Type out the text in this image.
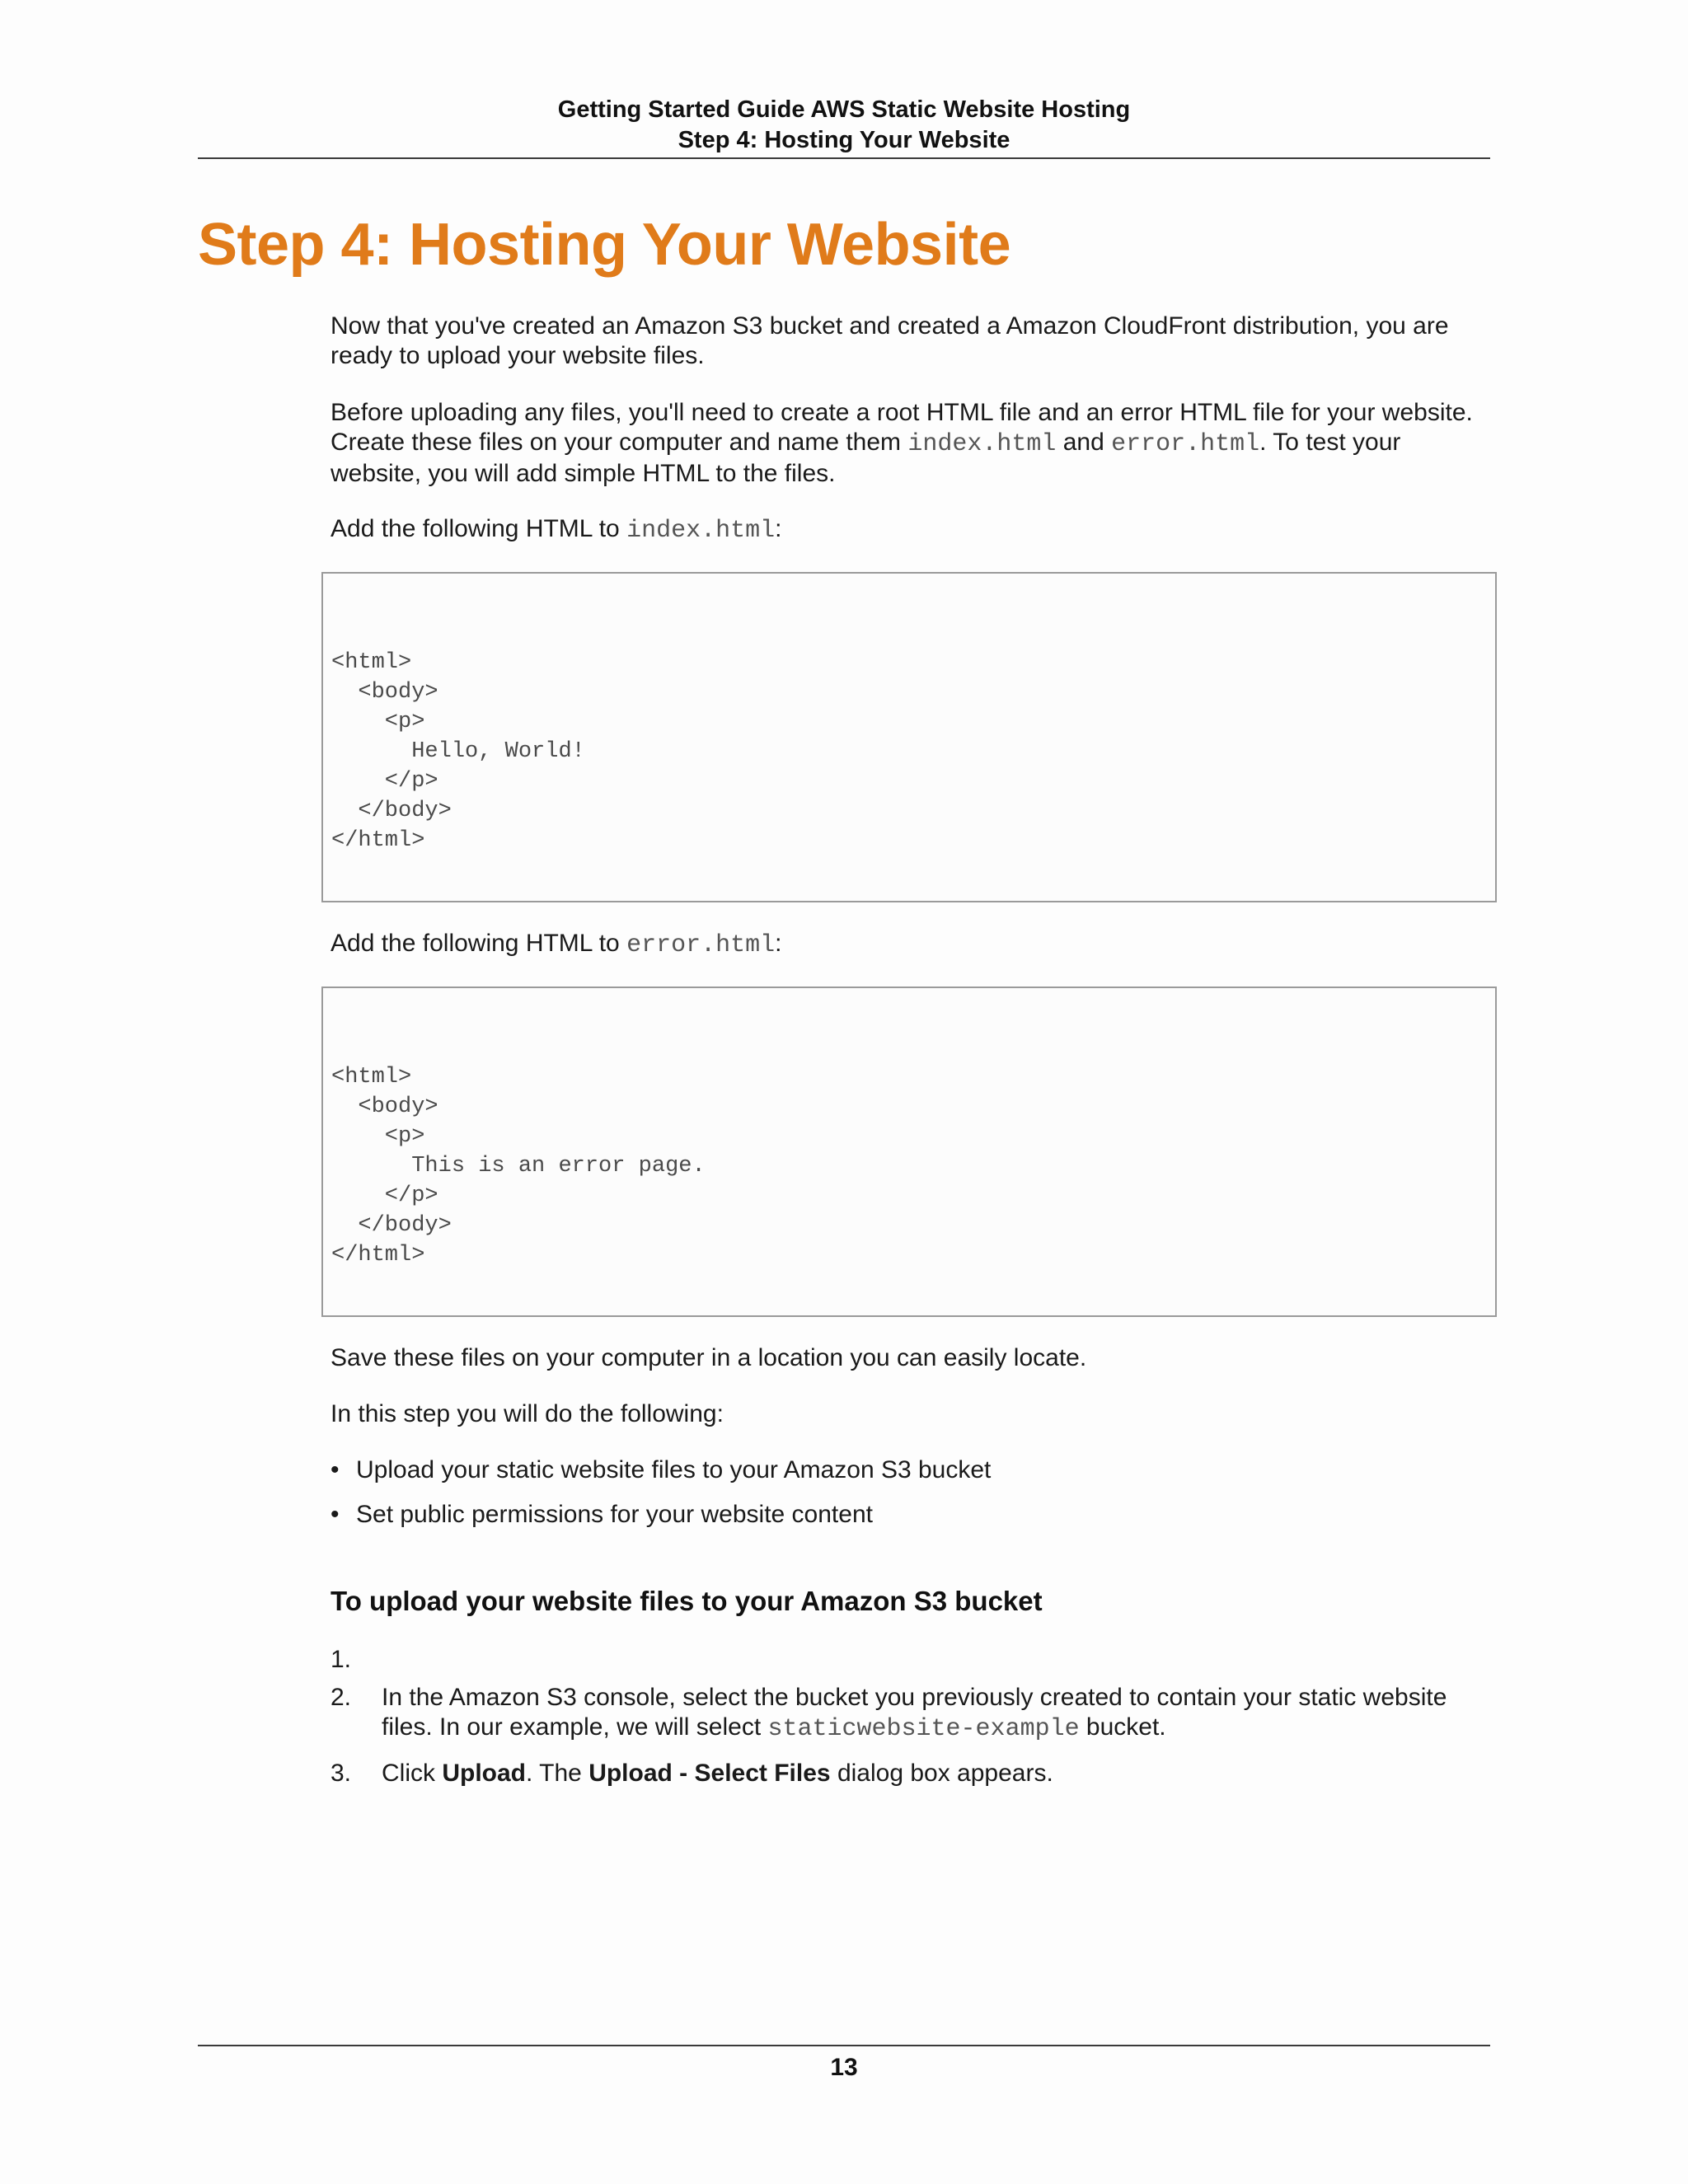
Getting Started Guide AWS Static Website Hosting
Step 4: Hosting Your Website
Step 4: Hosting Your Website

Now that you've created an Amazon S3 bucket and created a Amazon CloudFront distribution, you are ready to upload your website files.

Before uploading any files, you'll need to create a root HTML file and an error HTML file for your website. Create these files on your computer and name them index.html and error.html. To test your website, you will add simple HTML to the files.

Add the following HTML to index.html:

<html>
<body>
<p>
Hello, World!
</p>
</body>
</html>

Add the following HTML to error.html:

<html>
<body>
<p>
This is an error page.
</p>
</body>
</html>

Save these files on your computer in a location you can easily locate.

In this step you will do the following:

• Upload your static website files to your Amazon S3 bucket
• Set public permissions for your website content
To upload your website files to your Amazon S3 bucket
1.
2. In the Amazon S3 console, select the bucket you previously created to contain your static website files. In our example, we will select staticwebsite-example bucket.
3. Click Upload. The Upload - Select Files dialog box appears.
13
